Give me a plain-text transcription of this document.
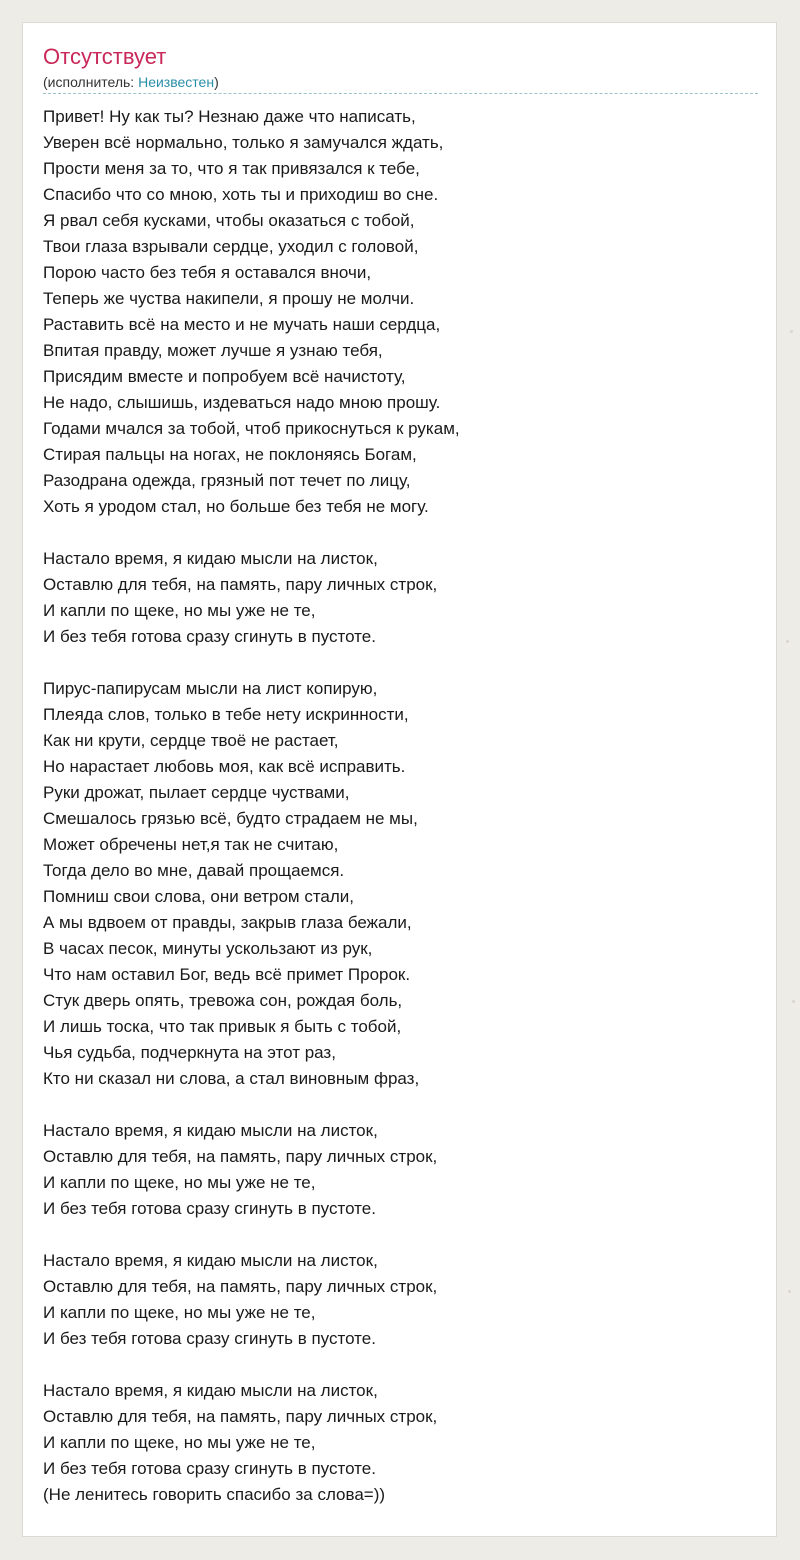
Отсутствует
(исполнитель: Неизвестен)
Привет! Ну как ты? Незнаю даже что написать,
Уверен всё нормально, только я замучался ждать,
Прости меня за то, что я так привязался к тебе,
Спасибо что со мною, хоть ты и приходиш во сне.
Я рвал себя кусками, чтобы оказаться с тобой,
Твои глаза взрывали сердце, уходил с головой,
Порою часто без тебя я оставался вночи,
Теперь же чуства накипели, я прошу не молчи.
Раставить всё на место и не мучать наши сердца,
Впитая правду, может лучше я узнаю тебя,
Присядим вместе и попробуем всё начистоту,
Не надо, слышишь, издеваться надо мною прошу.
Годами мчался за тобой, чтоб прикоснуться к рукам,
Стирая пальцы на ногах, не поклоняясь Богам,
Разодрана одежда, грязный пот течет по лицу,
Хоть я уродом стал, но больше без тебя не могу.
Настало время, я кидаю мысли на листок,
Оставлю для тебя, на память, пару личных строк,
И капли по щеке, но мы уже не те,
И без тебя готова сразу сгинуть в пустоте.
Пирус-папирусам мысли на лист копирую,
Плеяда слов, только в тебе нету искринности,
Как ни крути, сердце твоё не растает,
Но нарастает любовь моя, как всё исправить.
Руки дрожат, пылает сердце чуствами,
Смешалось грязью всё, будто страдаем не мы,
Может обречены нет,я так не считаю,
Тогда дело во мне, давай прощаемся.
Помниш свои слова, они ветром стали,
А мы вдвоем от правды, закрыв глаза бежали,
В часах песок, минуты ускользают из рук,
Что нам оставил Бог, ведь всё примет Пророк.
Стук дверь опять, тревожа сон, рождая боль,
И лишь тоска, что так привык я быть с тобой,
Чья судьба, подчеркнута на этот раз,
Кто ни сказал ни слова, а стал виновным фраз,
Настало время, я кидаю мысли на листок,
Оставлю для тебя, на память, пару личных строк,
И капли по щеке, но мы уже не те,
И без тебя готова сразу сгинуть в пустоте.
Настало время, я кидаю мысли на листок,
Оставлю для тебя, на память, пару личных строк,
И капли по щеке, но мы уже не те,
И без тебя готова сразу сгинуть в пустоте.
Настало время, я кидаю мысли на листок,
Оставлю для тебя, на память, пару личных строк,
И капли по щеке, но мы уже не те,
И без тебя готова сразу сгинуть в пустоте.
(Не ленитесь говорить спасибо за слова=))
